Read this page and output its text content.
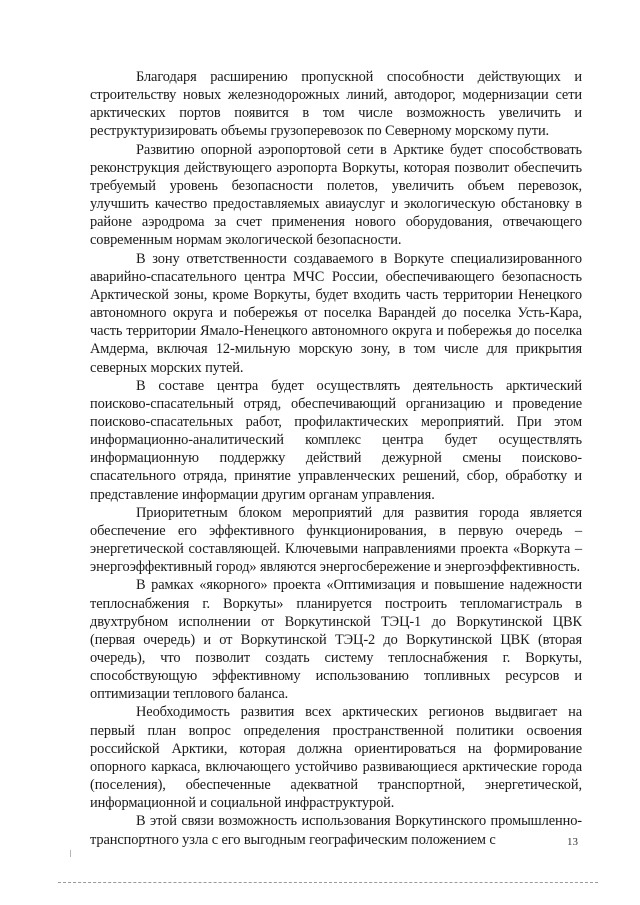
Благодаря расширению пропускной способности действующих и строительству новых железнодорожных линий, автодорог, модернизации сети арктических портов появится в том числе возможность увеличить и реструктуризировать объемы грузоперевозок по Северному морскому пути.

Развитию опорной аэропортовой сети в Арктике будет способствовать реконструкция действующего аэропорта Воркуты, которая позволит обеспечить требуемый уровень безопасности полетов, увеличить объем перевозок, улучшить качество предоставляемых авиауслуг и экологическую обстановку в районе аэродрома за счет применения нового оборудования, отвечающего современным нормам экологической безопасности.

В зону ответственности создаваемого в Воркуте специализированного аварийно-спасательного центра МЧС России, обеспечивающего безопасность Арктической зоны, кроме Воркуты, будет входить часть территории Ненецкого автономного округа и побережья от поселка Варандей до поселка Усть-Кара, часть территории Ямало-Ненецкого автономного округа и побережья до поселка Амдерма, включая 12-мильную морскую зону, в том числе для прикрытия северных морских путей.

В составе центра будет осуществлять деятельность арктический поисково-спасательный отряд, обеспечивающий организацию и проведение поисково-спасательных работ, профилактических мероприятий. При этом информационно-аналитический комплекс центра будет осуществлять информационную поддержку действий дежурной смены поисково-спасательного отряда, принятие управленческих решений, сбор, обработку и представление информации другим органам управления.

Приоритетным блоком мероприятий для развития города является обеспечение его эффективного функционирования, в первую очередь – энергетической составляющей. Ключевыми направлениями проекта «Воркута – энергоэффективный город» являются энергосбережение и энергоэффективность.

В рамках «якорного» проекта «Оптимизация и повышение надежности теплоснабжения г. Воркуты» планируется построить тепломагистраль в двухтрубном исполнении от Воркутинской ТЭЦ-1 до Воркутинской ЦВК (первая очередь) и от Воркутинской ТЭЦ-2 до Воркутинской ЦВК (вторая очередь), что позволит создать систему теплоснабжения г. Воркуты, способствующую эффективному использованию топливных ресурсов и оптимизации теплового баланса.

Необходимость развития всех арктических регионов выдвигает на первый план вопрос определения пространственной политики освоения российской Арктики, которая должна ориентироваться на формирование опорного каркаса, включающего устойчиво развивающиеся арктические города (поселения), обеспеченные адекватной транспортной, энергетической, информационной и социальной инфраструктурой.

В этой связи возможность использования Воркутинского промышленно-транспортного узла с его выгодным географическим положением с	13
